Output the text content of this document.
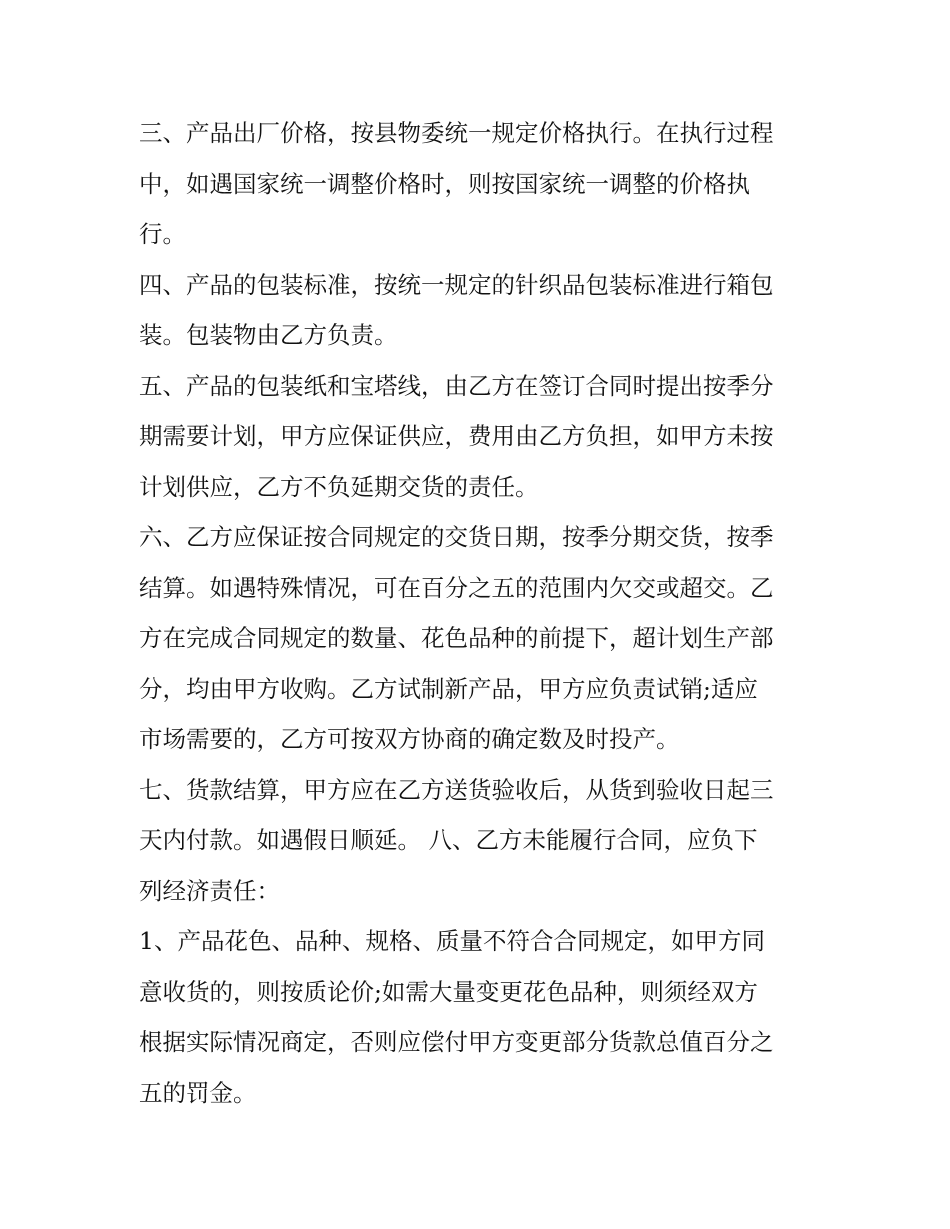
三、产品出厂价格，按县物委统一规定价格执行。在执行过程
中，如遇国家统一调整价格时，则按国家统一调整的价格执
行。
四、产品的包装标准，按统一规定的针织品包装标准进行箱包
装。包装物由乙方负责。
五、产品的包装纸和宝塔线，由乙方在签订合同时提出按季分
期需要计划，甲方应保证供应，费用由乙方负担，如甲方未按
计划供应，乙方不负延期交货的责任。
六、乙方应保证按合同规定的交货日期，按季分期交货，按季
结算。如遇特殊情况，可在百分之五的范围内欠交或超交。乙
方在完成合同规定的数量、花色品种的前提下，超计划生产部
分，均由甲方收购。乙方试制新产品，甲方应负责试销;适应
市场需要的，乙方可按双方协商的确定数及时投产。
七、货款结算，甲方应在乙方送货验收后，从货到验收日起三
天内付款。如遇假日顺延。 八、乙方未能履行合同，应负下
列经济责任：
1、产品花色、品种、规格、质量不符合合同规定，如甲方同
意收货的，则按质论价;如需大量变更花色品种，则须经双方
根据实际情况商定，否则应偿付甲方变更部分货款总值百分之
五的罚金。
